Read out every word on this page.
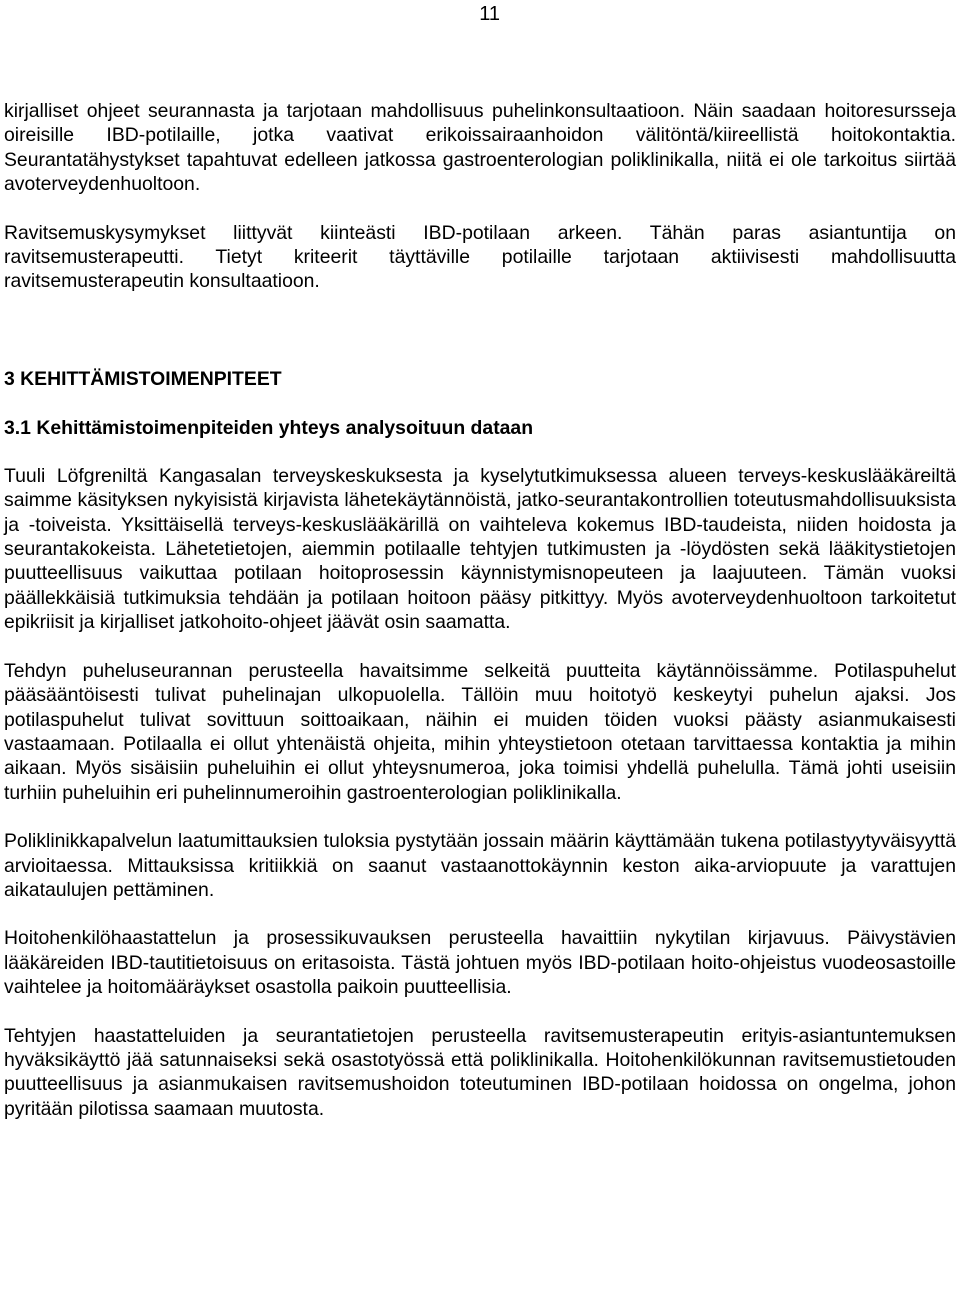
11

kirjalliset ohjeet seurannasta ja tarjotaan mahdollisuus puhelinkonsultaatioon. Näin saadaan hoitoresursseja oireisille IBD-potilaille, jotka vaativat erikoissairaanhoidon välitöntä/kiireellistä hoitokontaktia. Seurantatähystykset tapahtuvat edelleen jatkossa gastroenterologian poliklinikalla, niitä ei ole tarkoitus siirtää avoterveydenhuoltoon.

Ravitsemuskysymykset liittyvät kiinteästi IBD-potilaan arkeen. Tähän paras asiantuntija on ravitsemusterapeutti. Tietyt kriteerit täyttäville potilaille tarjotaan aktiivisesti mahdollisuutta ravitsemusterapeutin konsultaatioon.

3 KEHITTÄMISTOIMENPITEET
3.1 Kehittämistoimenpiteiden yhteys analysoituun dataan

Tuuli Löfgreniltä Kangasalan terveyskeskuksesta ja kyselytutkimuksessa alueen terveys-keskuslääkäreiltä saimme käsityksen nykyisistä kirjavista lähetekäytännöistä, jatko-seurantakontrollien toteutusmahdollisuuksista ja -toiveista. Yksittäisellä terveys-keskuslääkärillä on vaihteleva kokemus IBD-taudeista, niiden hoidosta ja seurantakokeista. Lähetetietojen, aiemmin potilaalle tehtyjen tutkimusten ja -löydösten sekä lääkitystietojen puutteellisuus vaikuttaa potilaan hoitoprosessin käynnistymisnopeuteen ja laajuuteen. Tämän vuoksi päällekkäisiä tutkimuksia tehdään ja potilaan hoitoon pääsy pitkittyy. Myös avoterveydenhuoltoon tarkoitetut epikriisit ja kirjalliset jatkohoito-ohjeet jäävät osin saamatta.

Tehdyn puheluseurannan perusteella havaitsimme selkeitä puutteita käytännöissämme. Potilaspuhelut pääsääntöisesti tulivat puhelinajan ulkopuolella. Tällöin muu hoitotyö keskeytyi puhelun ajaksi. Jos potilaspuhelut tulivat sovittuun soittoaikaan, näihin ei muiden töiden vuoksi päästy asianmukaisesti vastaamaan. Potilaalla ei ollut yhtenäistä ohjeita, mihin yhteystietoon otetaan tarvittaessa kontaktia ja mihin aikaan. Myös sisäisiin puheluihin ei ollut yhteysnumeroa, joka toimisi yhdellä puhelulla. Tämä johti useisiin turhiin puheluihin eri puhelinnumeroihin gastroenterologian poliklinikalla.

Poliklinikkapalvelun laatumittauksien tuloksia pystytään jossain määrin käyttämään tukena potilastyytyväisyyttä arvioitaessa. Mittauksissa kritiikkiä on saanut vastaanottokäynnin keston aika-arviopuute ja varattujen aikataulujen pettäminen.

Hoitohenkilöhaastattelun ja prosessikuvauksen perusteella havaittiin nykytilan kirjavuus. Päivystävien lääkäreiden IBD-tautitietoisuus on eritasoista. Tästä johtuen myös IBD-potilaan hoito-ohjeistus vuodeosastoille vaihtelee ja hoitomääräykset osastolla paikoin puutteellisia.

Tehtyjen haastatteluiden ja seurantatietojen perusteella ravitsemusterapeutin erityis-asiantuntemuksen hyväksikäyttö jää satunnaiseksi sekä osastotyössä että poliklinikalla. Hoitohenkilökunnan ravitsemustietouden puutteellisuus ja asianmukaisen ravitsemushoidon toteutuminen IBD-potilaan hoidossa on ongelma, johon pyritään pilotissa saamaan muutosta.
